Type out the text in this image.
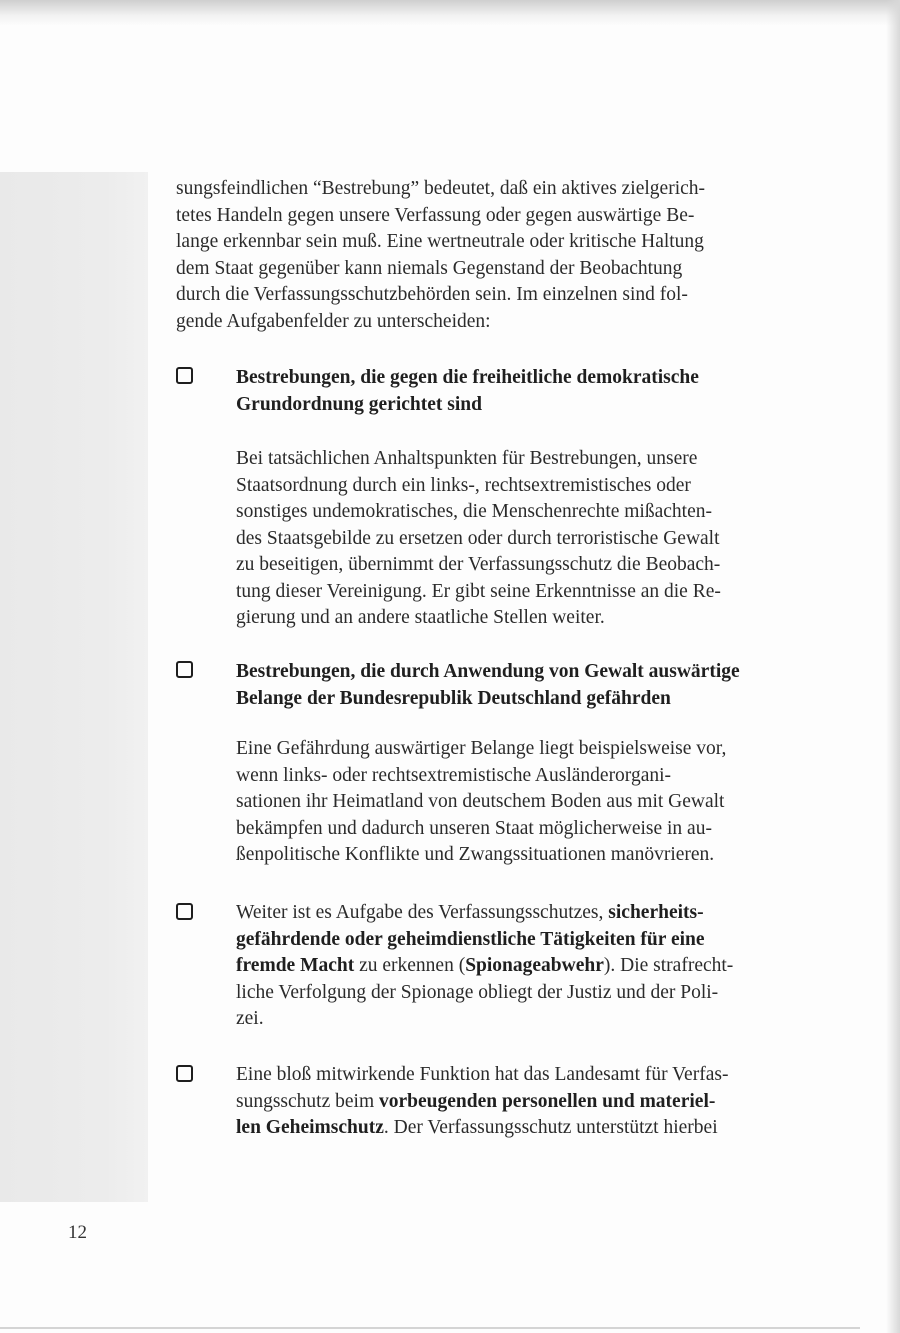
sungsfeindlichen “Bestrebung” bedeutet, daß ein aktives zielgerich-
tetes Handeln gegen unsere Verfassung oder gegen auswärtige Be-
lange erkennbar sein muß. Eine wertneutrale oder kritische Haltung
dem Staat gegenüber kann niemals Gegenstand der Beobachtung
durch die Verfassungsschutzbehörden sein. Im einzelnen sind fol-
gende Aufgabenfelder zu unterscheiden:

Bestrebungen, die gegen die freiheitliche demokratische
Grundordnung gerichtet sind

Bei tatsächlichen Anhaltspunkten für Bestrebungen, unsere
Staatsordnung durch ein links-, rechtsextremistisches oder
sonstiges undemokratisches, die Menschenrechte mißachten-
des Staatsgebilde zu ersetzen oder durch terroristische Gewalt
zu beseitigen, übernimmt der Verfassungsschutz die Beobach-
tung dieser Vereinigung. Er gibt seine Erkenntnisse an die Re-
gierung und an andere staatliche Stellen weiter.

Bestrebungen, die durch Anwendung von Gewalt auswärtige
Belange der Bundesrepublik Deutschland gefährden

Eine Gefährdung auswärtiger Belange liegt beispielsweise vor,
wenn links- oder rechtsextremistische Ausländerorgani-
sationen ihr Heimatland von deutschem Boden aus mit Gewalt
bekämpfen und dadurch unseren Staat möglicherweise in au-
ßenpolitische Konflikte und Zwangssituationen manövrieren.

Weiter ist es Aufgabe des Verfassungsschutzes, sicherheits-
gefährdende oder geheimdienstliche Tätigkeiten für eine
fremde Macht zu erkennen (Spionageabwehr). Die strafrecht-
liche Verfolgung der Spionage obliegt der Justiz und der Poli-
zei.

Eine bloß mitwirkende Funktion hat das Landesamt für Verfas-
sungsschutz beim vorbeugenden personellen und materiel-
len Geheimschutz. Der Verfassungsschutz unterstützt hierbei

12
